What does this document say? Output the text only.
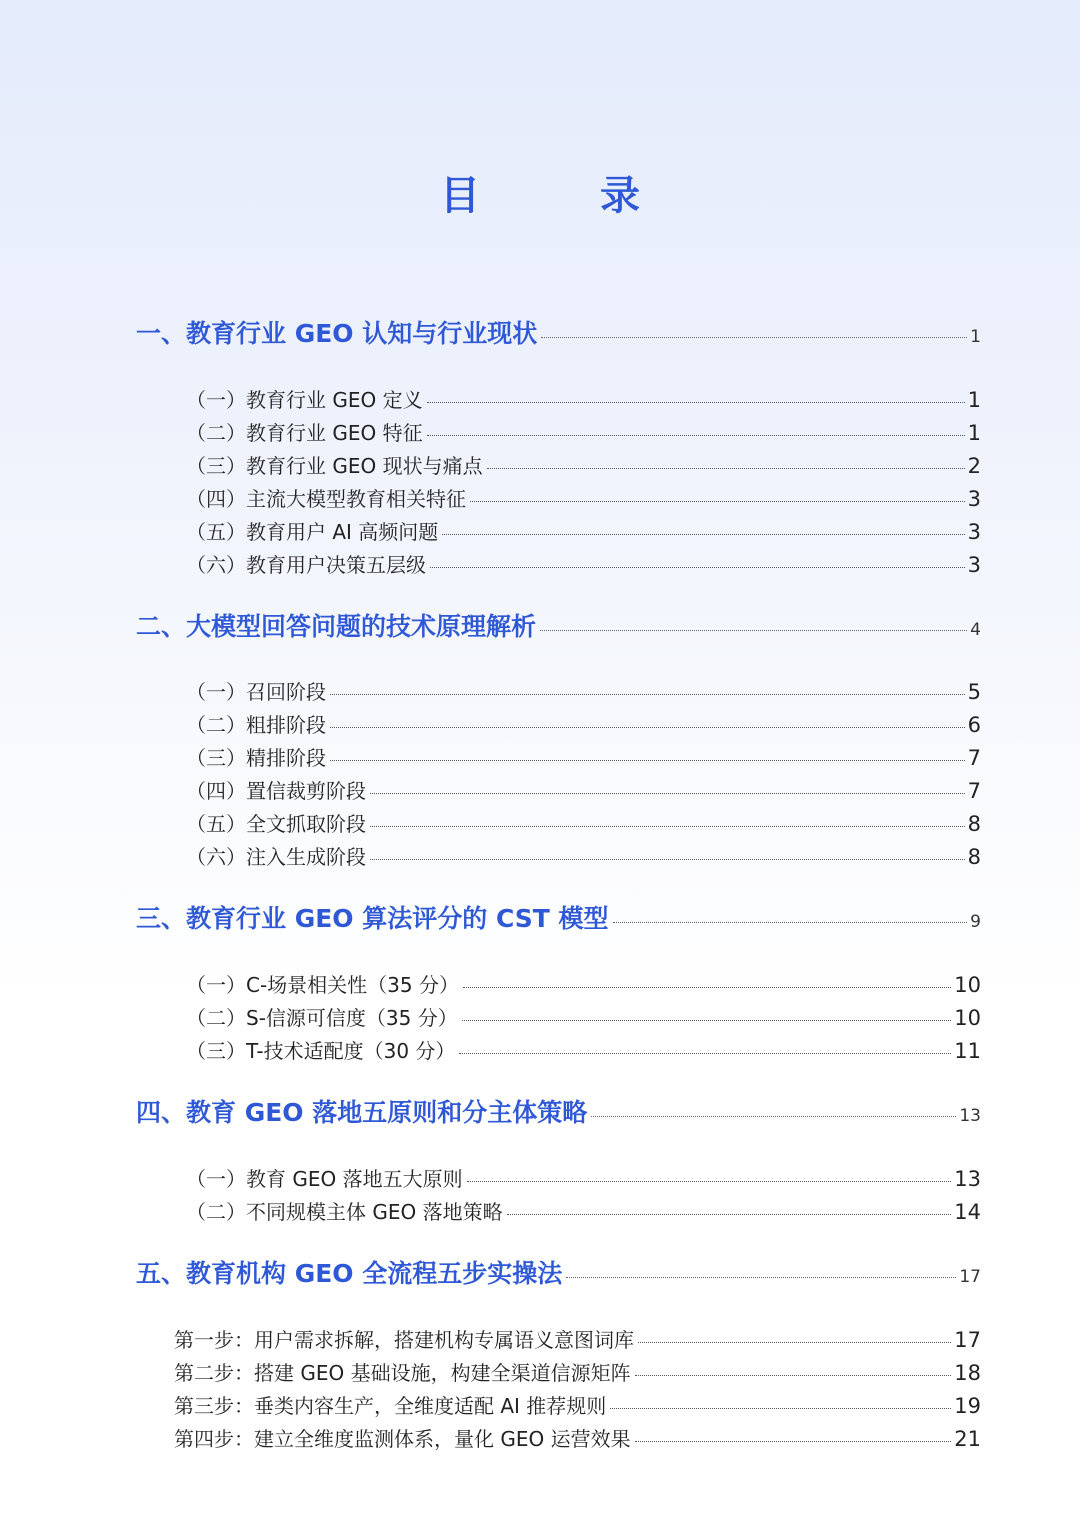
目　录
一、教育行业 GEO 认知与行业现状	1
（一）教育行业 GEO 定义	1
（二）教育行业 GEO 特征	1
（三）教育行业 GEO 现状与痛点	2
（四）主流大模型教育相关特征	3
（五）教育用户 AI 高频问题	3
（六）教育用户决策五层级	3
二、大模型回答问题的技术原理解析	4
（一）召回阶段	5
（二）粗排阶段	6
（三）精排阶段	7
（四）置信裁剪阶段	7
（五）全文抓取阶段	8
（六）注入生成阶段	8
三、教育行业 GEO 算法评分的 CST 模型	9
（一）C-场景相关性（35 分）	10
（二）S-信源可信度（35 分）	10
（三）T-技术适配度（30 分）	11
四、教育 GEO 落地五原则和分主体策略	13
（一）教育 GEO 落地五大原则	13
（二）不同规模主体 GEO 落地策略	14
五、教育机构 GEO 全流程五步实操法	17
第一步：用户需求拆解，搭建机构专属语义意图词库	17
第二步：搭建 GEO 基础设施，构建全渠道信源矩阵	18
第三步：垂类内容生产，全维度适配 AI 推荐规则	19
第四步：建立全维度监测体系，量化 GEO 运营效果	21
